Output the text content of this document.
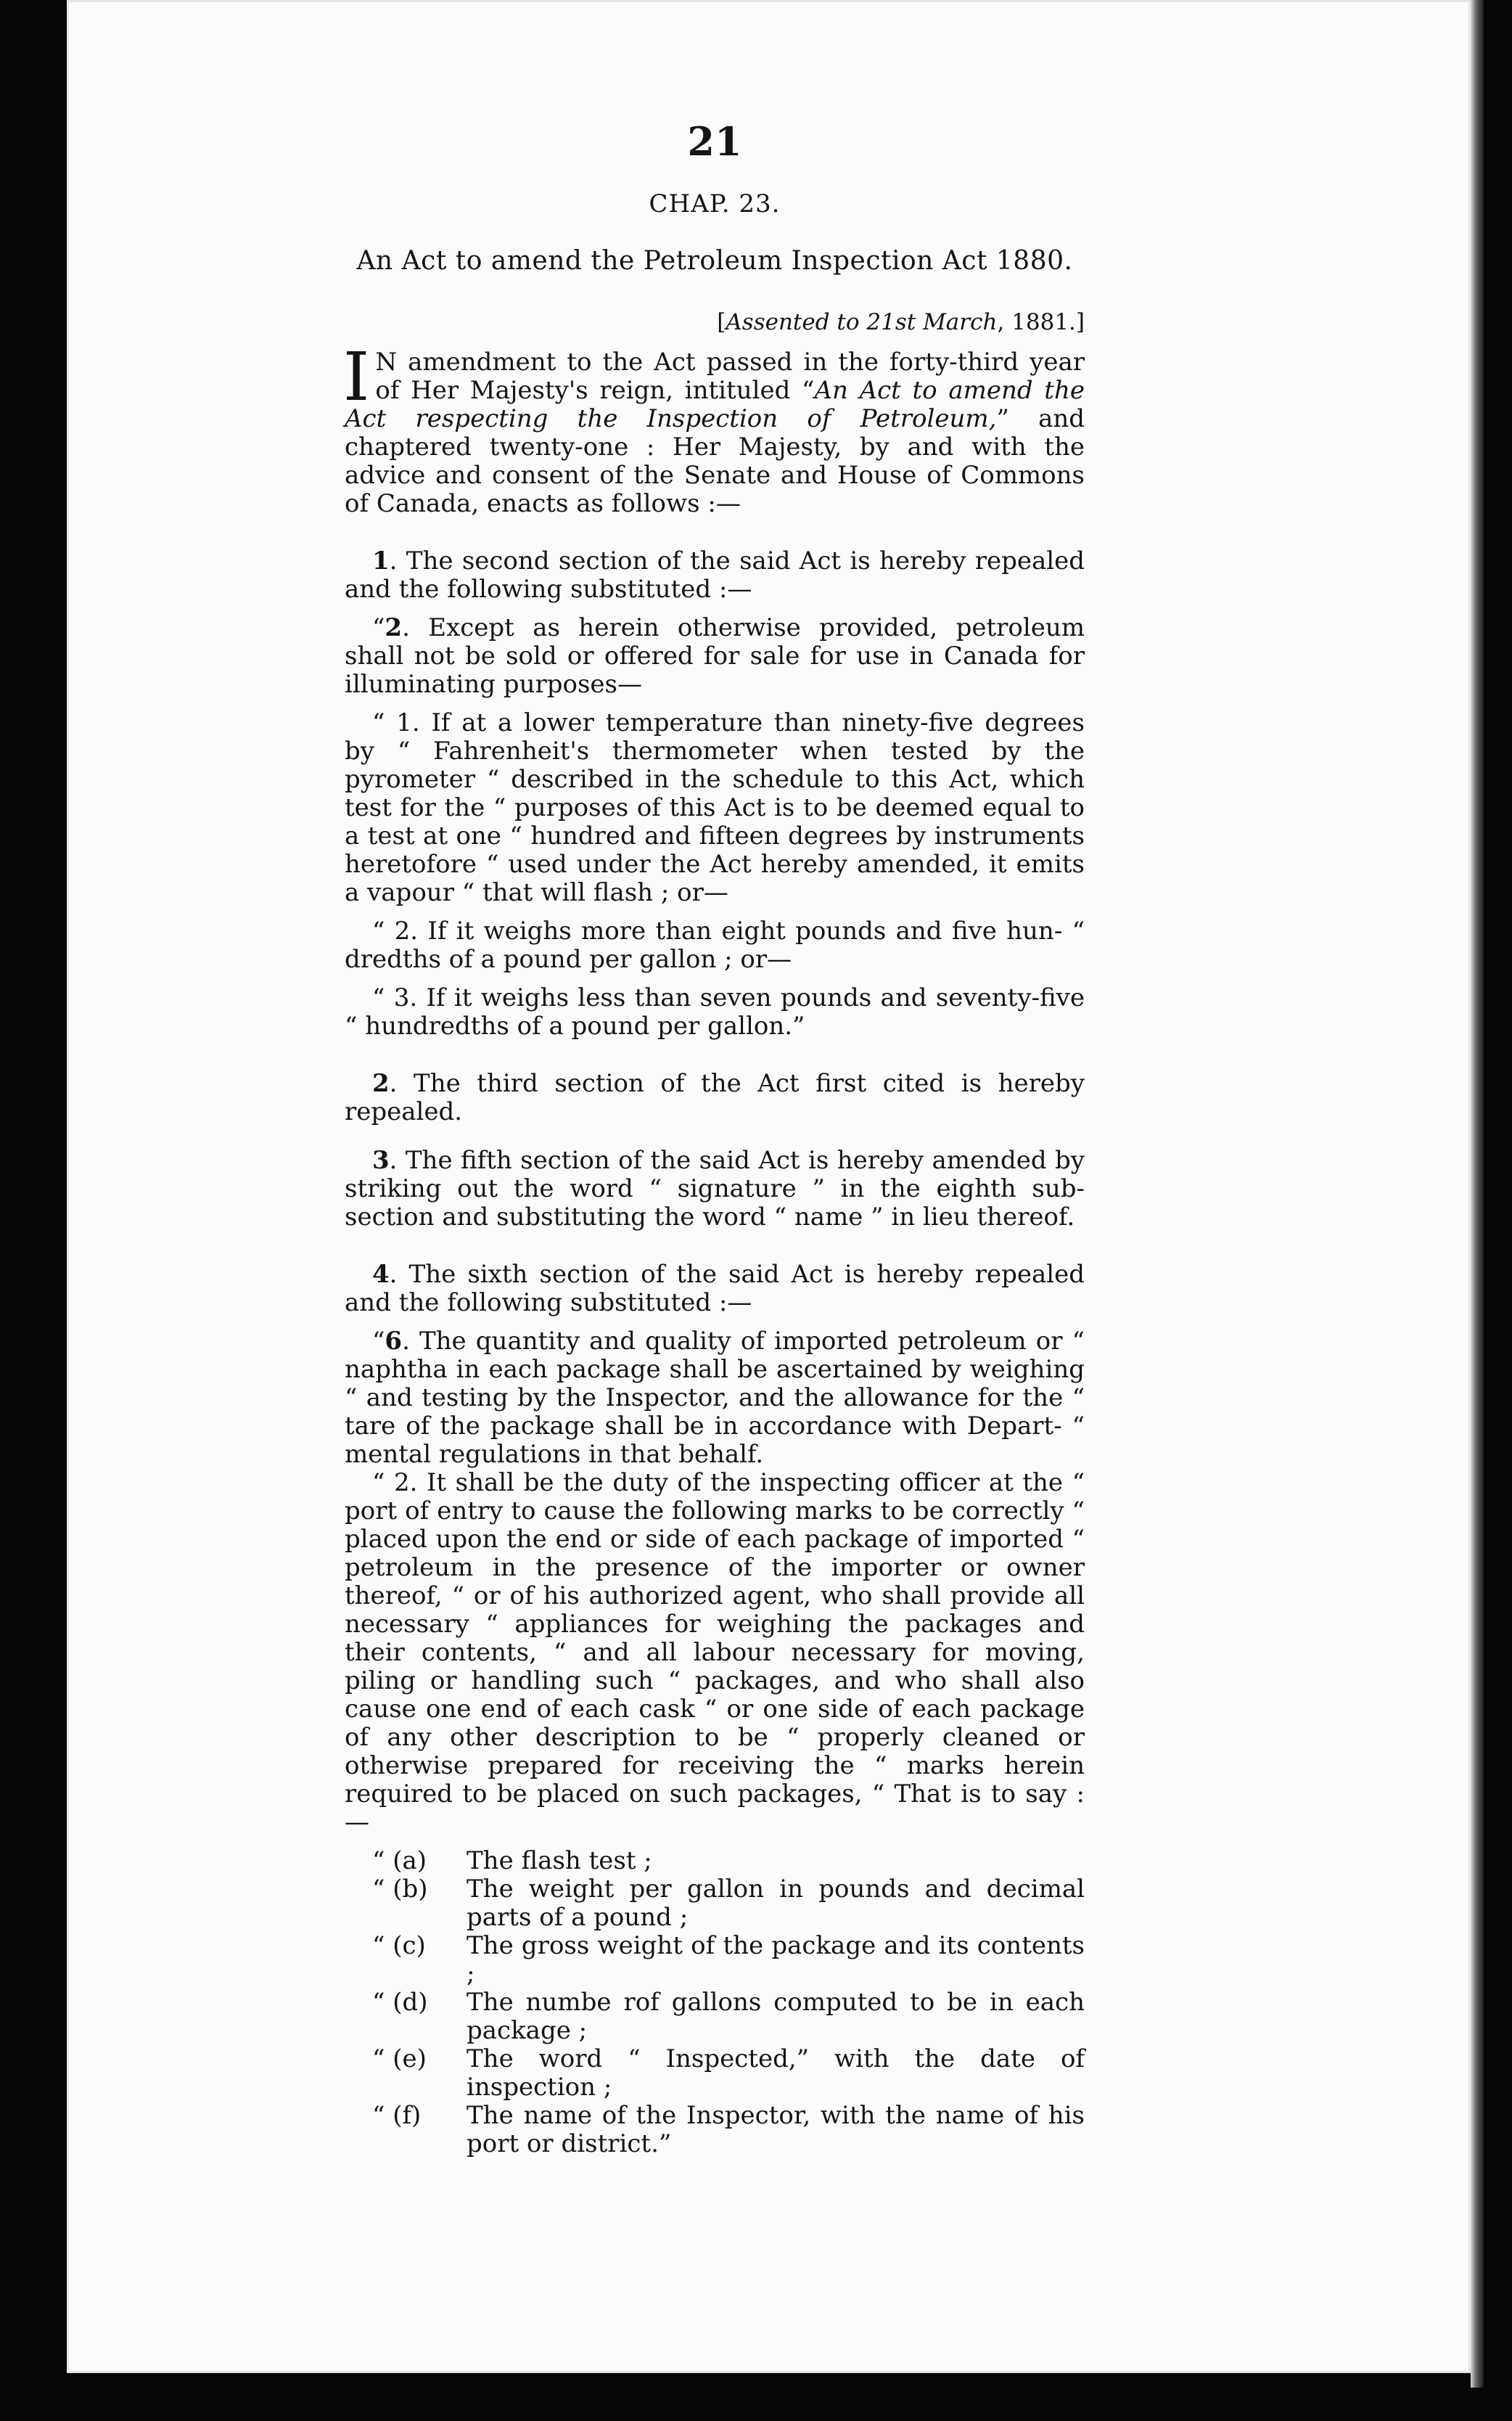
21
CHAP. 23.
An Act to amend the Petroleum Inspection Act 1880.
[Assented to 21st March, 1881.]
I N amendment to the Act passed in the forty-third year of Her Majesty's reign, intituled “An Act to amend the Act respecting the Inspection of Petroleum,” and chaptered twenty-one : Her Majesty, by and with the advice and consent of the Senate and House of Commons of Canada, enacts as follows :—

1. The second section of the said Act is hereby repealed and the following substituted :—

“2. Except as herein otherwise provided, petroleum shall not be sold or offered for sale for use in Canada for illuminating purposes—

“ 1. If at a lower temperature than ninety-five degrees by “ Fahrenheit's thermometer when tested by the pyrometer “ described in the schedule to this Act, which test for the “ purposes of this Act is to be deemed equal to a test at one “ hundred and fifteen degrees by instruments heretofore “ used under the Act hereby amended, it emits a vapour “ that will flash ; or—

“ 2. If it weighs more than eight pounds and five hun- “ dredths of a pound per gallon ; or—

“ 3. If it weighs less than seven pounds and seventy-five “ hundredths of a pound per gallon.”

2. The third section of the Act first cited is hereby repealed.

3. The fifth section of the said Act is hereby amended by striking out the word “ signature ” in the eighth sub-section and substituting the word “ name ” in lieu thereof.

4. The sixth section of the said Act is hereby repealed and the following substituted :—

“6. The quantity and quality of imported petroleum or “ naphtha in each package shall be ascertained by weighing “ and testing by the Inspector, and the allowance for the “ tare of the package shall be in accordance with Depart- “ mental regulations in that behalf.

“ 2. It shall be the duty of the inspecting officer at the “ port of entry to cause the following marks to be correctly “ placed upon the end or side of each package of imported “ petroleum in the presence of the importer or owner thereof, “ or of his authorized agent, who shall provide all necessary “ appliances for weighing the packages and their contents, “ and all labour necessary for moving, piling or handling such “ packages, and who shall also cause one end of each cask “ or one side of each package of any other description to be “ properly cleaned or otherwise prepared for receiving the “ marks herein required to be placed on such packages, “ That is to say :—

“ (a) The flash test ;

“ (b) The weight per gallon in pounds and decimal parts of a pound ;

“ (c) The gross weight of the package and its contents ;

“ (d) The numbe rof gallons computed to be in each package ;

“ (e) The word “ Inspected,” with the date of inspection ;

“ (f) The name of the Inspector, with the name of his port or district.”
